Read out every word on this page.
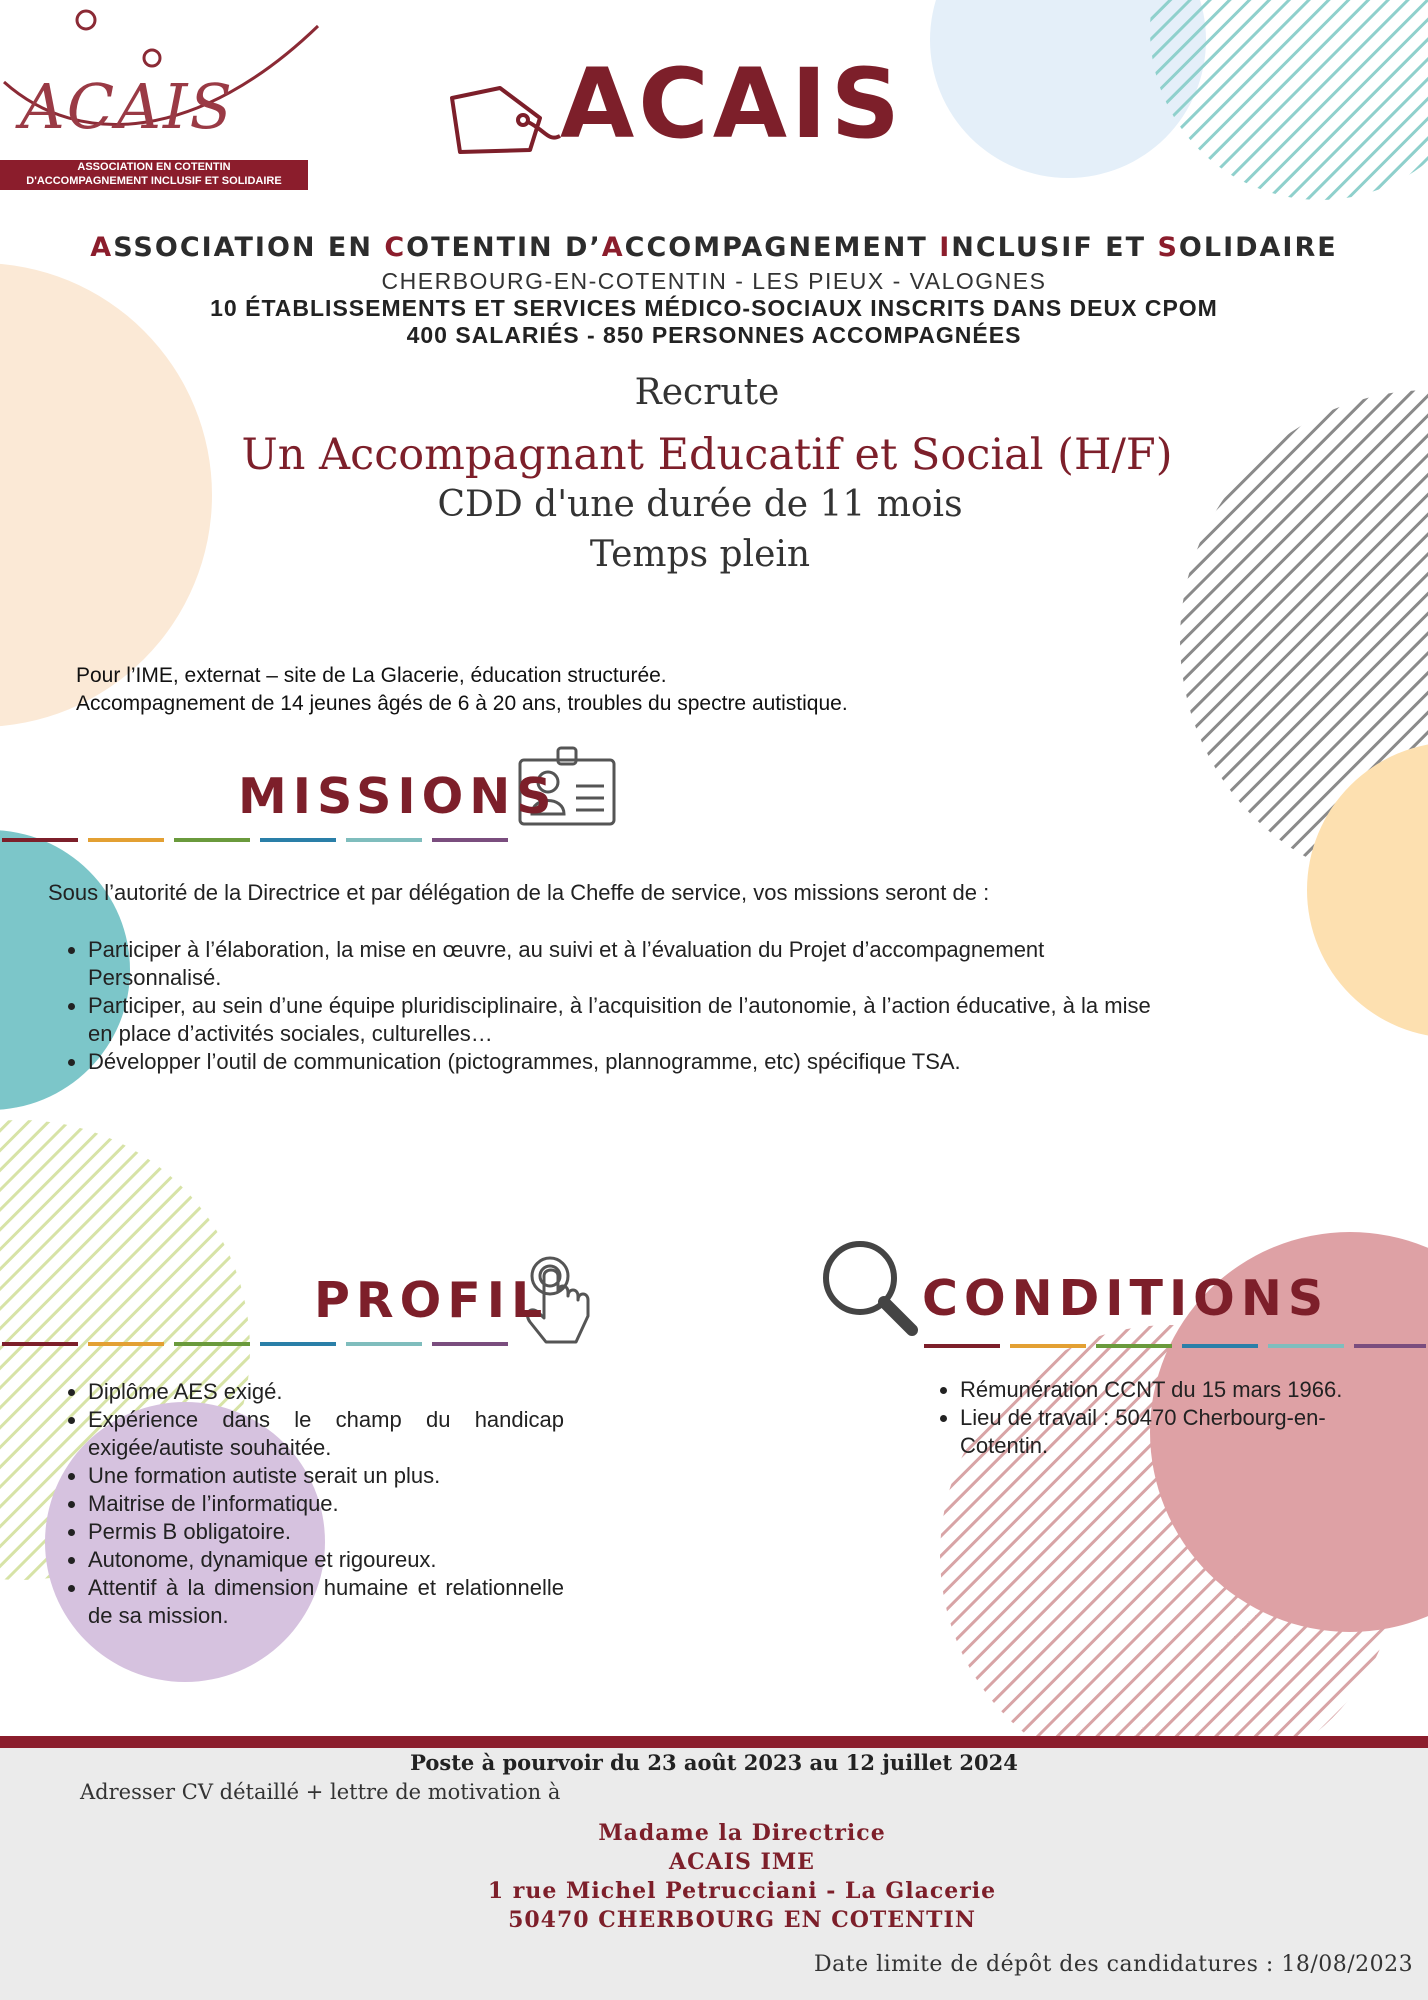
ACAIS
ASSOCIATION EN COTENTIN
D'ACCOMPAGNEMENT INCLUSIF ET SOLIDAIRE
ACAIS
ASSOCIATION EN COTENTIN D’ACCOMPAGNEMENT INCLUSIF ET SOLIDAIRE
CHERBOURG-EN-COTENTIN - LES PIEUX - VALOGNES
10 ÉTABLISSEMENTS ET SERVICES MÉDICO-SOCIAUX INSCRITS DANS DEUX CPOM
400 SALARIÉS - 850 PERSONNES ACCOMPAGNÉES
Recrute
Un Accompagnant Educatif et Social (H/F)
CDD d'une durée de 11 mois
Temps plein
Pour l’IME, externat – site de La Glacerie, éducation structurée.
Accompagnement de 14 jeunes âgés de 6 à 20 ans, troubles du spectre autistique.
MISSIONS
Sous l’autorité de la Directrice et par délégation de la Cheffe de service, vos missions seront de :
• Participer à l’élaboration, la mise en œuvre, au suivi et à l’évaluation du Projet d’accompagnement Personnalisé.
• Participer, au sein d’une équipe pluridisciplinaire, à l’acquisition de l’autonomie, à l’action éducative, à la mise en place d’activités sociales, culturelles…
• Développer l’outil de communication (pictogrammes, plannogramme, etc) spécifique TSA.
PROFIL
• Diplôme AES exigé.
• Expérience dans le champ du handicap exigée/autiste souhaitée.
• Une formation autiste serait un plus.
• Maitrise de l’informatique.
• Permis B obligatoire.
• Autonome, dynamique et rigoureux.
• Attentif à la dimension humaine et relationnelle de sa mission.
CONDITIONS
• Rémunération CCNT du 15 mars 1966.
• Lieu de travail : 50470 Cherbourg-en-Cotentin.
Poste à pourvoir du 23 août 2023 au 12 juillet 2024
Adresser CV détaillé + lettre de motivation à
Madame la Directrice
ACAIS IME
1 rue Michel Petrucciani - La Glacerie
50470 CHERBOURG EN COTENTIN
Date limite de dépôt des candidatures : 18/08/2023
